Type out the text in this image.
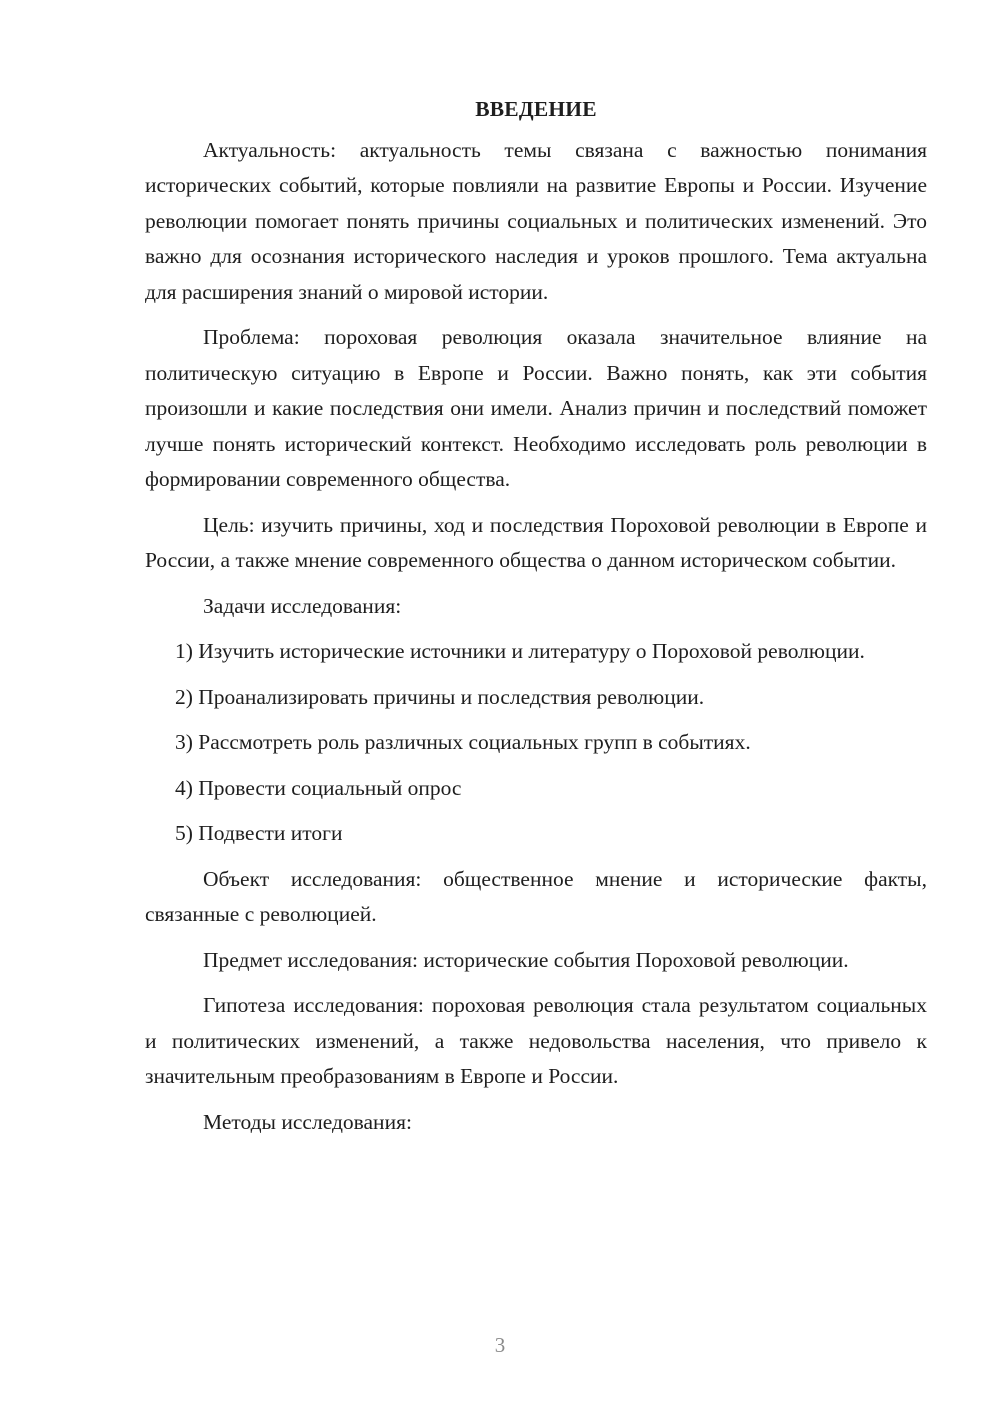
ВВЕДЕНИЕ

Актуальность: актуальность темы связана с важностью понимания исторических событий, которые повлияли на развитие Европы и России. Изучение революции помогает понять причины социальных и политических изменений. Это важно для осознания исторического наследия и уроков прошлого. Тема актуальна для расширения знаний о мировой истории.

Проблема: пороховая революция оказала значительное влияние на политическую ситуацию в Европе и России. Важно понять, как эти события произошли и какие последствия они имели. Анализ причин и последствий поможет лучше понять исторический контекст. Необходимо исследовать роль революции в формировании современного общества.

Цель: изучить причины, ход и последствия Пороховой революции в Европе и России, а также мнение современного общества о данном историческом событии.

Задачи исследования:

1) Изучить исторические источники и литературу о Пороховой революции.

2) Проанализировать причины и последствия революции.

3) Рассмотреть роль различных социальных групп в событиях.

4) Провести социальный опрос

5) Подвести итоги

Объект исследования: общественное мнение и исторические факты, связанные с революцией.

Предмет исследования: исторические события Пороховой революции.

Гипотеза исследования: пороховая революция стала результатом социальных и политических изменений, а также недовольства населения, что привело к значительным преобразованиям в Европе и России.

Методы исследования:

3
